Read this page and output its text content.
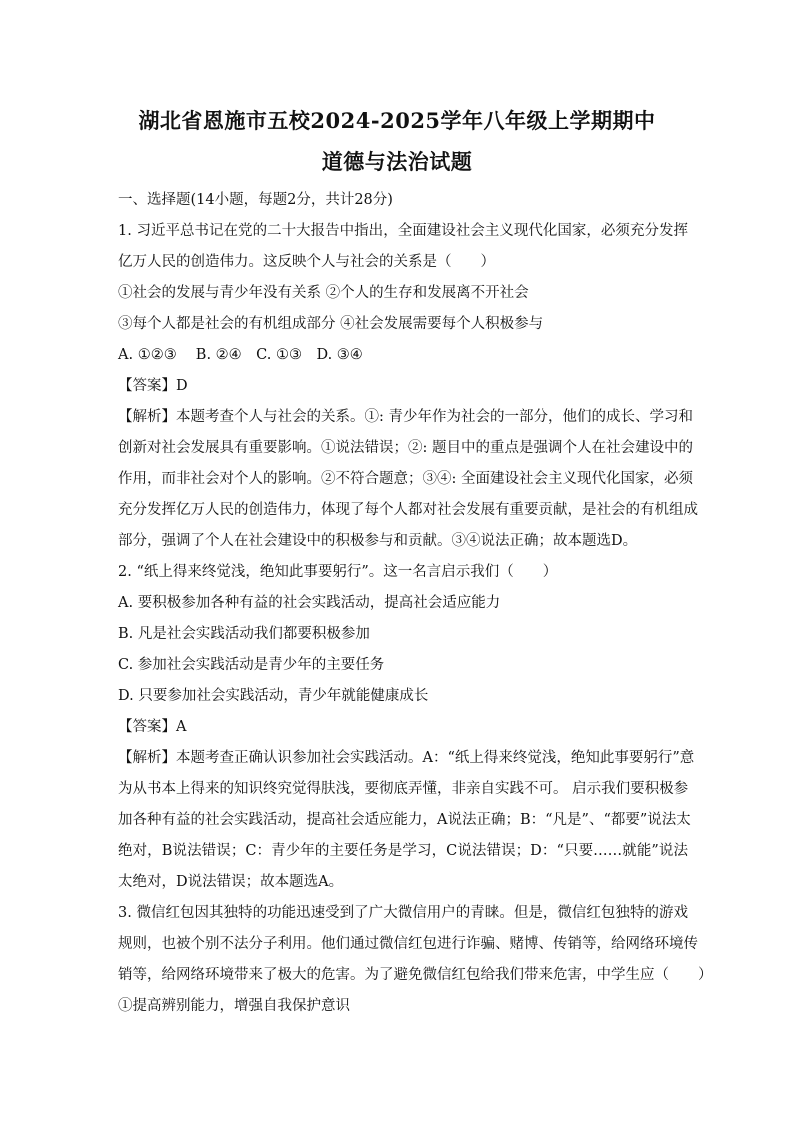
湖北省恩施市五校2024-2025学年八年级上学期期中
道德与法治试题
一、选择题(14小题，每题2分，共计28分)
1. 习近平总书记在党的二十大报告中指出，全面建设社会主义现代化国家，必须充分发挥
亿万人民的创造伟力。这反映个人与社会的关系是（　　）
①社会的发展与青少年没有关系 ②个人的生存和发展离不开社会
③每个人都是社会的有机组成部分 ④社会发展需要每个人积极参与
A. ①②③　 B. ②④　C. ①③　D. ③④
【答案】D
【解析】本题考查个人与社会的关系。①: 青少年作为社会的一部分，他们的成长、学习和
创新对社会发展具有重要影响。①说法错误；②: 题目中的重点是强调个人在社会建设中的
作用，而非社会对个人的影响。②不符合题意；③④: 全面建设社会主义现代化国家，必须
充分发挥亿万人民的创造伟力，体现了每个人都对社会发展有重要贡献，是社会的有机组成
部分，强调了个人在社会建设中的积极参与和贡献。③④说法正确；故本题选D。
2. “纸上得来终觉浅，绝知此事要躬行”。这一名言启示我们（　　）
A. 要积极参加各种有益的社会实践活动，提高社会适应能力
B. 凡是社会实践活动我们都要积极参加
C. 参加社会实践活动是青少年的主要任务
D. 只要参加社会实践活动，青少年就能健康成长
【答案】A
【解析】本题考查正确认识参加社会实践活动。A：“纸上得来终觉浅，绝知此事要躬行”意
为从书本上得来的知识终究觉得肤浅，要彻底弄懂，非亲自实践不可。 启示我们要积极参
加各种有益的社会实践活动，提高社会适应能力，A说法正确；B：“凡是”、“都要”说法太
绝对，B说法错误；C：青少年的主要任务是学习，C说法错误；D：“只要……就能”说法
太绝对，D说法错误；故本题选A。
3. 微信红包因其独特的功能迅速受到了广大微信用户的青睐。但是，微信红包独特的游戏
规则，也被个别不法分子利用。他们通过微信红包进行诈骗、赌博、传销等，给网络环境传
销等，给网络环境带来了极大的危害。为了避免微信红包给我们带来危害，中学生应（　　）
①提高辨别能力，增强自我保护意识
